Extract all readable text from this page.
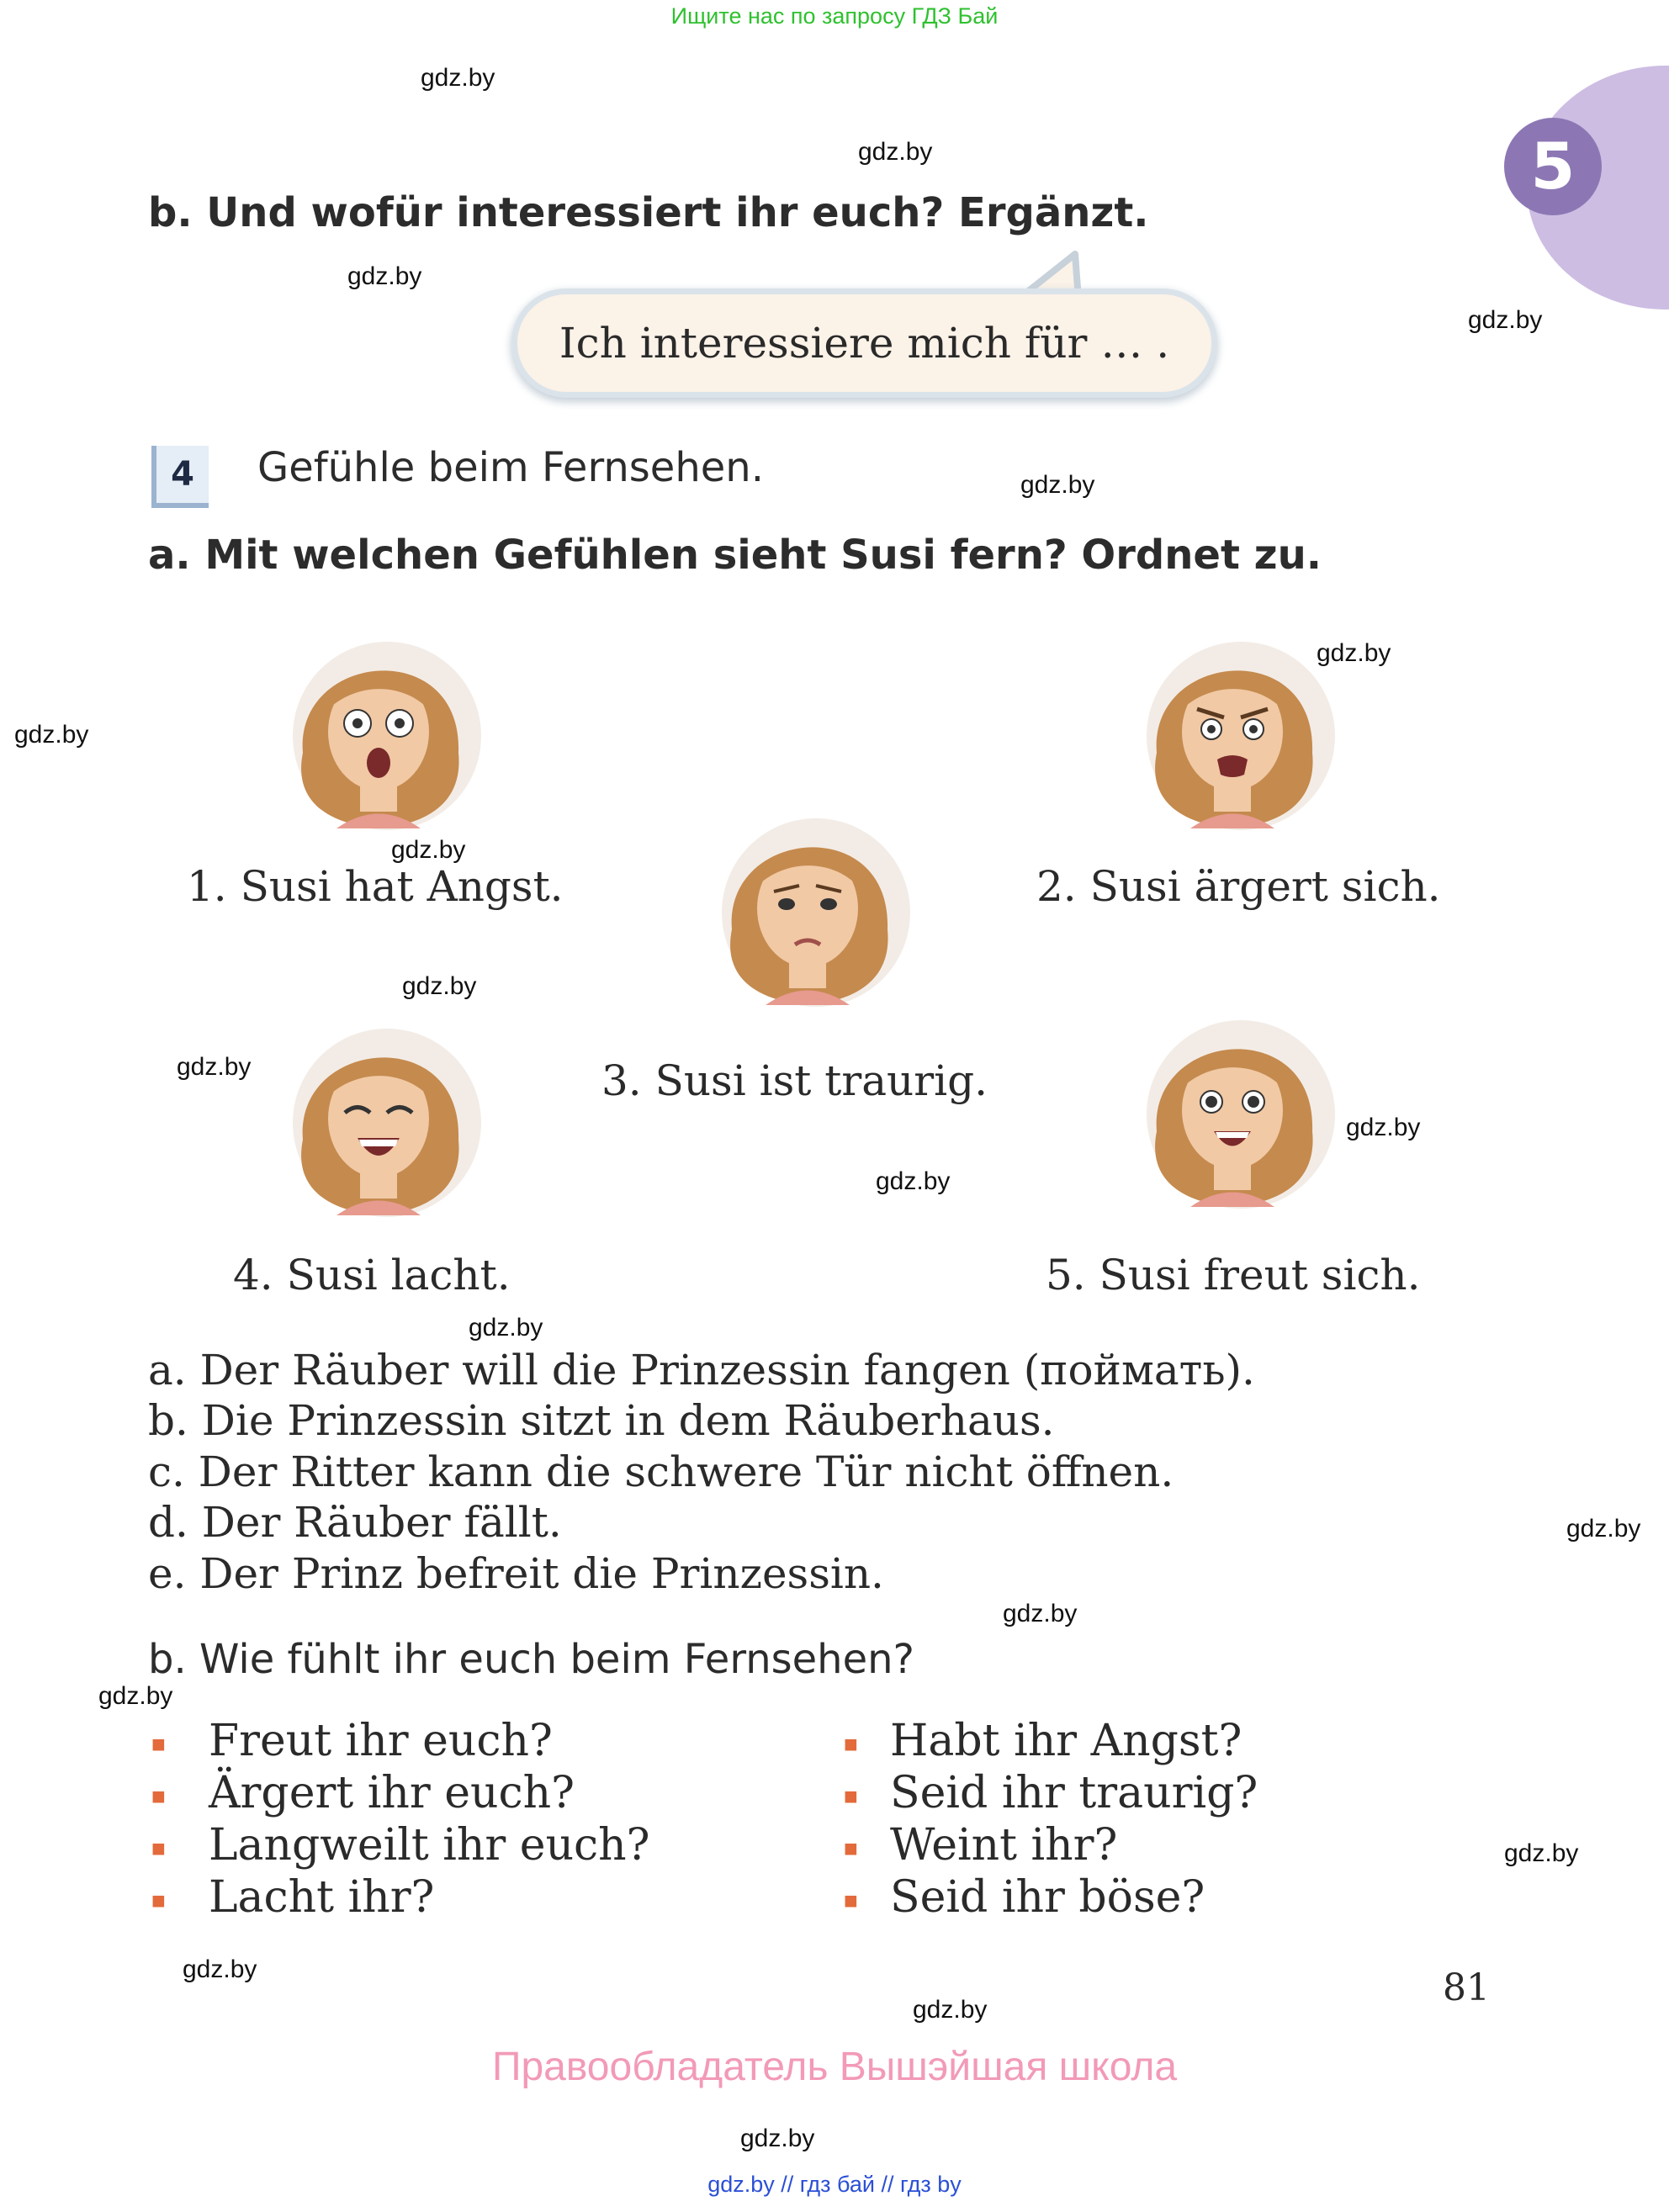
Ищите нас по запросу ГДЗ Бай
5
b. Und wofür interessiert ihr euch? Ergänzt.
Ich interessiere mich für … .
4	Gefühle beim Fernsehen.
a. Mit welchen Gefühlen sieht Susi fern? Ordnet zu.
1. Susi hat Angst.	2. Susi ärgert sich.
3. Susi ist traurig.
4. Susi lacht.	5. Susi freut sich.
a. Der Räuber will die Prinzessin fangen (поймать).
b. Die Prinzessin sitzt in dem Räuberhaus.
c. Der Ritter kann die schwere Tür nicht öffnen.
d. Der Räuber fällt.
e. Der Prinz befreit die Prinzessin.
b. Wie fühlt ihr euch beim Fernsehen?
■
■
■
■
Freut ihr euch?
Ärgert ihr euch?
Langweilt ihr euch?
Lacht ihr?
■
■
■
■
Habt ihr Angst?
Seid ihr traurig?
Weint ihr?
Seid ihr böse?
81
Правообладатель Вышэйшая школа
gdz.by // гдз бай // гдз by
gdz.by
gdz.by
gdz.by
gdz.by
gdz.by
gdz.by
gdz.by
gdz.by
gdz.by
gdz.by
gdz.by
gdz.by
gdz.by
gdz.by
gdz.by
gdz.by
gdz.by
gdz.by
gdz.by
gdz.by
